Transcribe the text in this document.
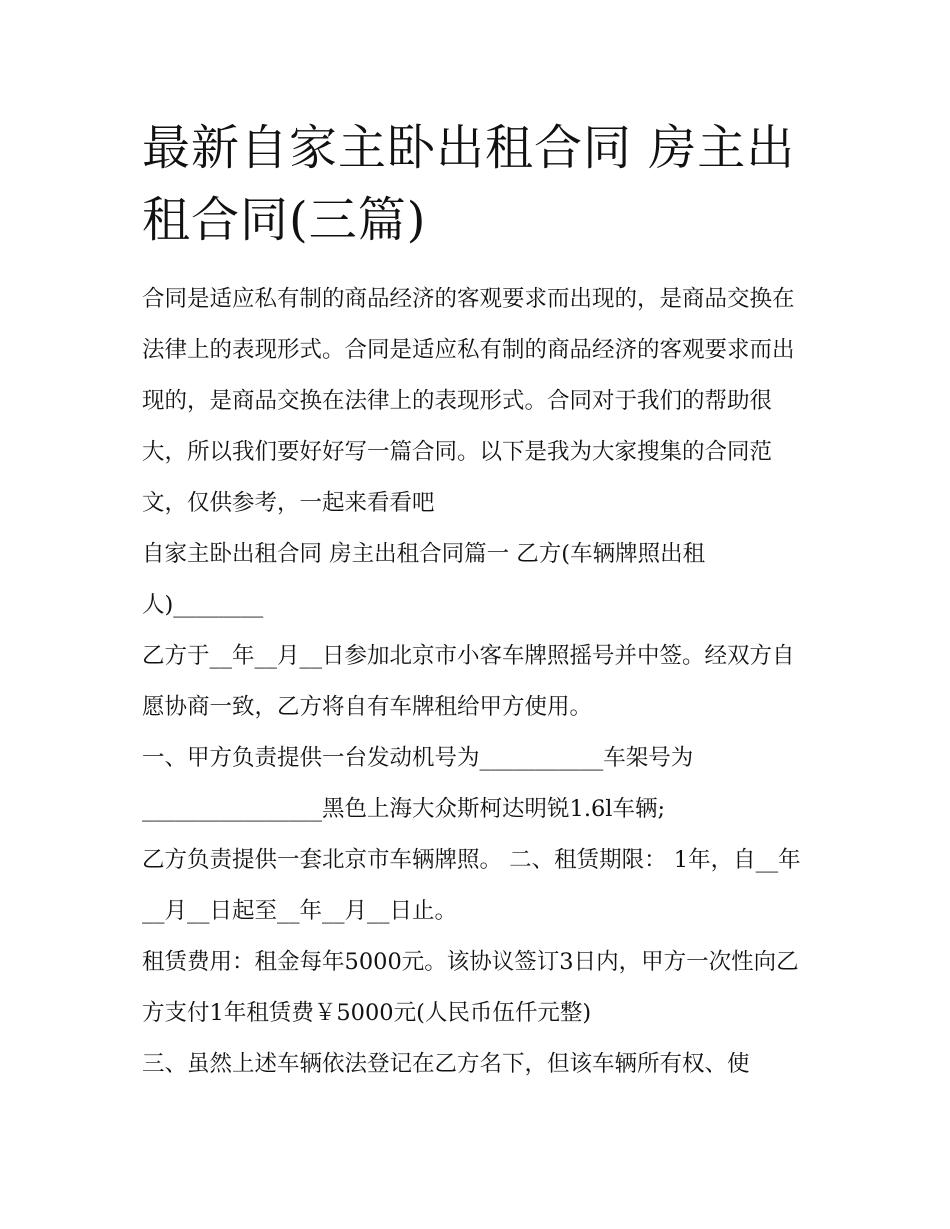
最新自家主卧出租合同 房主出租合同(三篇)

合同是适应私有制的商品经济的客观要求而出现的，是商品交换在法律上的表现形式。合同是适应私有制的商品经济的客观要求而出现的，是商品交换在法律上的表现形式。合同对于我们的帮助很大，所以我们要好好写一篇合同。以下是我为大家搜集的合同范文，仅供参考，一起来看看吧

自家主卧出租合同 房主出租合同篇一 乙方(车辆牌照出租人)________

乙方于__年__月__日参加北京市小客车牌照摇号并中签。经双方自愿协商一致，乙方将自有车牌租给甲方使用。

一、甲方负责提供一台发动机号为___________车架号为________________黑色上海大众斯柯达明锐1.6l车辆;

乙方负责提供一套北京市车辆牌照。 二、租赁期限： 1年，自__年__月__日起至__年__月__日止。

租赁费用：租金每年5000元。该协议签订3日内，甲方一次性向乙方支付1年租赁费￥5000元(人民币伍仟元整)

三、虽然上述车辆依法登记在乙方名下，但该车辆所有权、使
